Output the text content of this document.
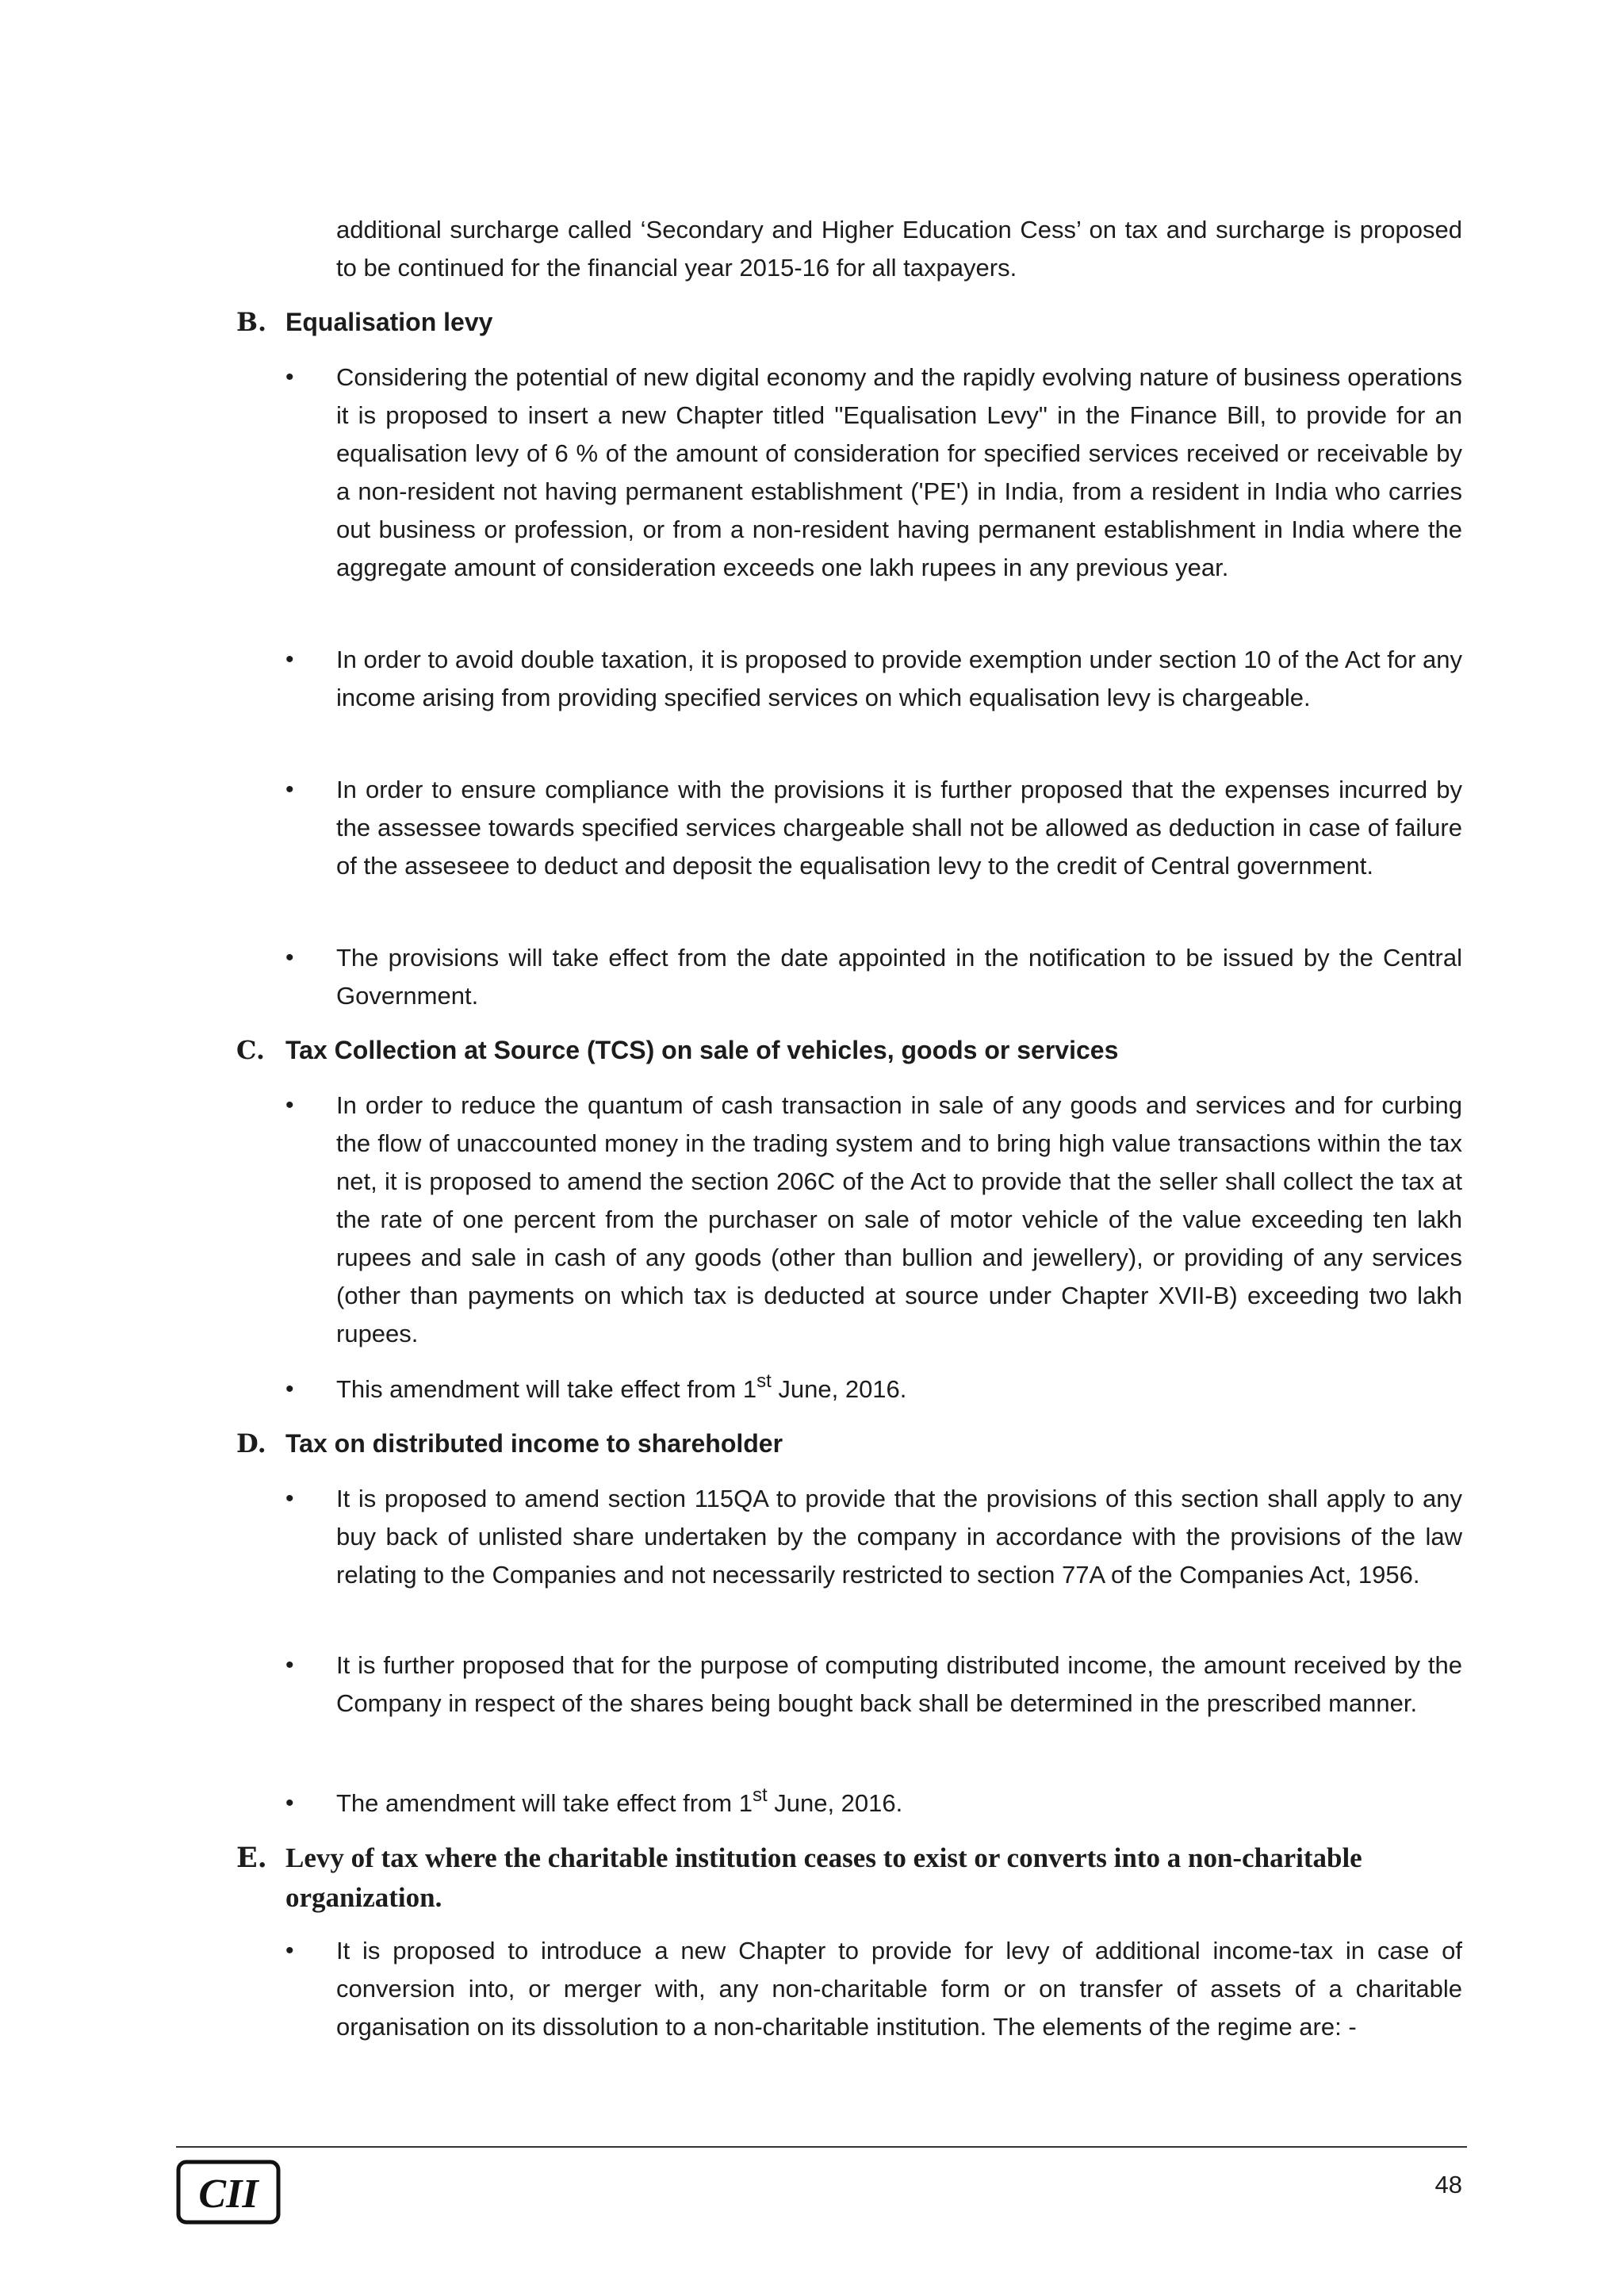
additional surcharge called ‘Secondary and Higher Education Cess’ on tax and surcharge is proposed to be continued for the financial year 2015-16 for all taxpayers.

B. Equalisation levy
•	Considering the potential of new digital economy and the rapidly evolving nature of business operations it is proposed to insert a new Chapter titled "Equalisation Levy" in the Finance Bill, to provide for an equalisation levy of 6 % of the amount of consideration for specified services received or receivable by a non-resident not having permanent establishment ('PE') in India, from a resident in India who carries out business or profession, or from a non-resident having permanent establishment in India where the aggregate amount of consideration exceeds one lakh rupees in any previous year.
•	In order to avoid double taxation, it is proposed to provide exemption under section 10 of the Act for any income arising from providing specified services on which equalisation levy is chargeable.
•	In order to ensure compliance with the provisions it is further proposed that the expenses incurred by the assessee towards specified services chargeable shall not be allowed as deduction in case of failure of the asseseee to deduct and deposit the equalisation levy to the credit of Central government.
•	The provisions will take effect from the date appointed in the notification to be issued by the Central Government.
C. Tax Collection at Source (TCS) on sale of vehicles, goods or services
•	In order to reduce the quantum of cash transaction in sale of any goods and services and for curbing the flow of unaccounted money in the trading system and to bring high value transactions within the tax net, it is proposed to amend the section 206C of the Act to provide that the seller shall collect the tax at the rate of one percent from the purchaser on sale of motor vehicle of the value exceeding ten lakh rupees and sale in cash of any goods (other than bullion and jewellery), or providing of any services (other than payments on which tax is deducted at source under Chapter XVII-B) exceeding two lakh rupees.
•	This amendment will take effect from 1st June, 2016.
D. Tax on distributed income to shareholder
•	It is proposed to amend section 115QA to provide that the provisions of this section shall apply to any buy back of unlisted share undertaken by the company in accordance with the provisions of the law relating to the Companies and not necessarily restricted to section 77A of the Companies Act, 1956.
•	It is further proposed that for the purpose of computing distributed income, the amount received by the Company in respect of the shares being bought back shall be determined in the prescribed manner.
•	The amendment will take effect from 1st June, 2016.
E. Levy of tax where the charitable institution ceases to exist or converts into a non-charitable organization.
•	It is proposed to introduce a new Chapter to provide for levy of additional income-tax in case of conversion into, or merger with, any non-charitable form or on transfer of assets of a charitable organisation on its dissolution to a non-charitable institution. The elements of the regime are: -
CII	48
